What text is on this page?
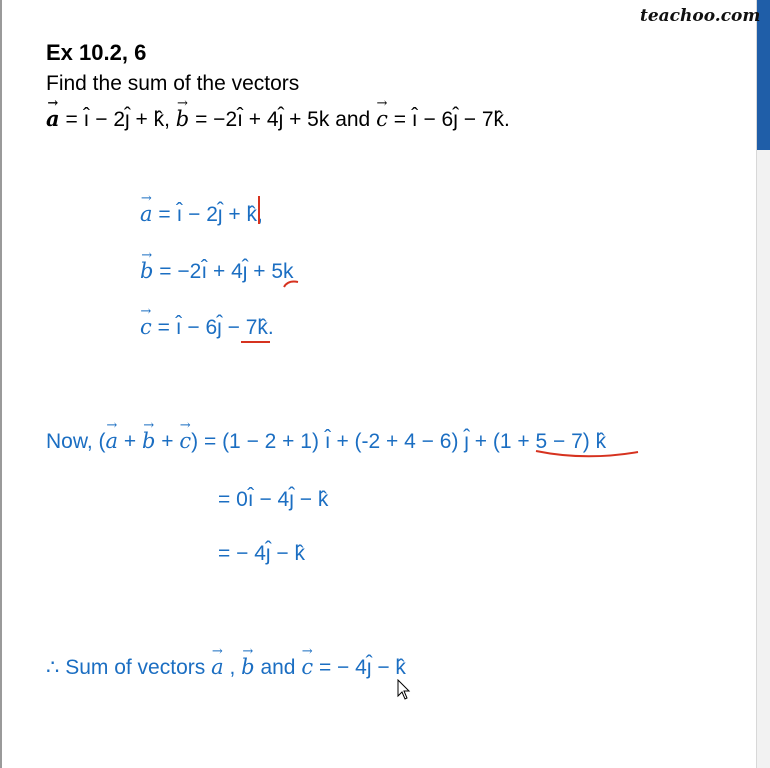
teachoo.com
Ex 10.2, 6
Find the sum of the vectors
→ a = ı̂ − 2ȷ̂ + k̂, → b = −2ı̂ + 4ȷ̂ + 5k and → c = ı̂ − 6ȷ̂ − 7k̂.
→ a = ı̂ − 2ȷ̂ + k̂,
→ b = −2ı̂ + 4ȷ̂ + 5k
→ c = ı̂ − 6ȷ̂ − 7k̂.
Now, (→ a + → b + → c) = (1 − 2 + 1) ı̂ + (-2 + 4 − 6) ȷ̂ + (1 + 5 − 7) k̂
= 0ı̂ − 4ȷ̂ − k̂
= − 4ȷ̂ − k̂
∴ Sum of vectors → a , → b and → c = − 4ȷ̂ − k̂
